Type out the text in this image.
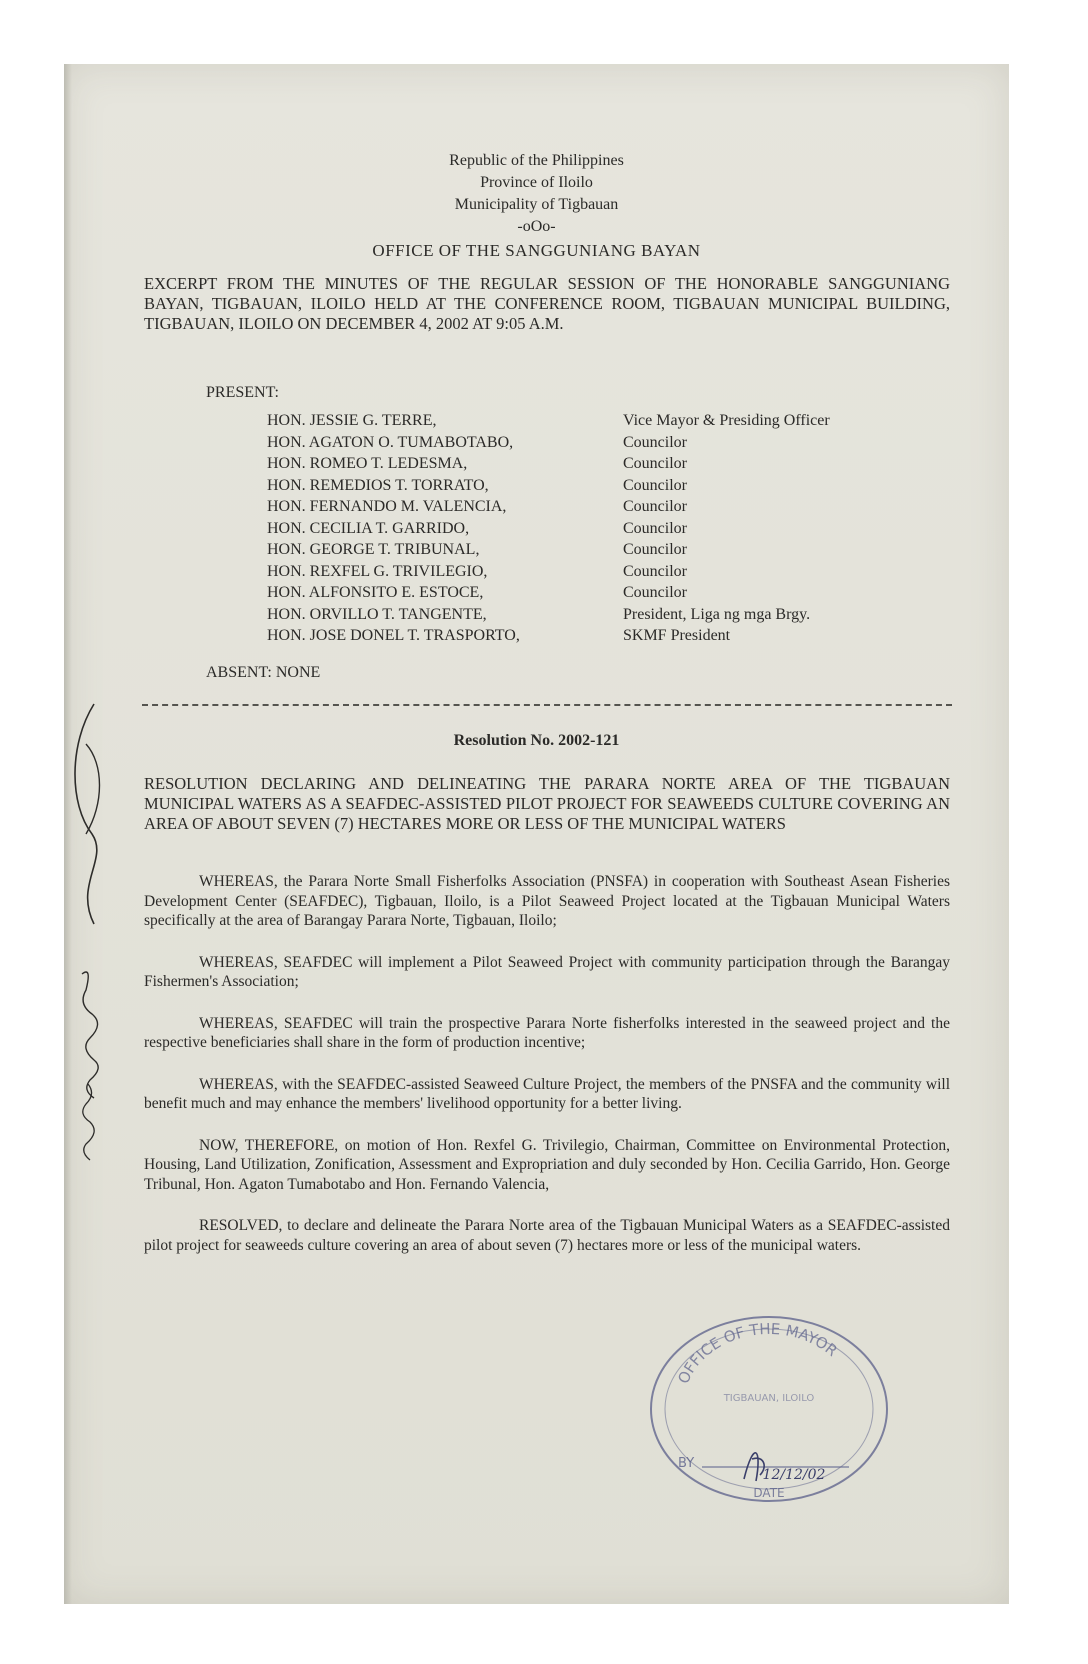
Republic of the Philippines
Province of Iloilo
Municipality of Tigbauan
-oOo-
OFFICE OF THE SANGGUNIANG BAYAN
EXCERPT FROM THE MINUTES OF THE REGULAR SESSION OF THE HONORABLE SANGGUNIANG BAYAN, TIGBAUAN, ILOILO HELD AT THE CONFERENCE ROOM, TIGBAUAN MUNICIPAL BUILDING, TIGBAUAN, ILOILO ON DECEMBER 4, 2002 AT 9:05 A.M.
PRESENT:
HON. JESSIE G. TERRE,	Vice Mayor & Presiding Officer
HON. AGATON O. TUMABOTABO,	Councilor
HON. ROMEO T. LEDESMA,	Councilor
HON. REMEDIOS T. TORRATO,	Councilor
HON. FERNANDO M. VALENCIA,	Councilor
HON. CECILIA T. GARRIDO,	Councilor
HON. GEORGE T. TRIBUNAL,	Councilor
HON. REXFEL G. TRIVILEGIO,	Councilor
HON. ALFONSITO E. ESTOCE,	Councilor
HON. ORVILLO T. TANGENTE,	President, Liga ng mga Brgy.
HON. JOSE DONEL T. TRASPORTO,	SKMF President
ABSENT: NONE
Resolution No. 2002-121
RESOLUTION DECLARING AND DELINEATING THE PARARA NORTE AREA OF THE TIGBAUAN MUNICIPAL WATERS AS A SEAFDEC-ASSISTED PILOT PROJECT FOR SEAWEEDS CULTURE COVERING AN AREA OF ABOUT SEVEN (7) HECTARES MORE OR LESS OF THE MUNICIPAL WATERS

WHEREAS, the Parara Norte Small Fisherfolks Association (PNSFA) in cooperation with Southeast Asean Fisheries Development Center (SEAFDEC), Tigbauan, Iloilo, is a Pilot Seaweed Project located at the Tigbauan Municipal Waters specifically at the area of Barangay Parara Norte, Tigbauan, Iloilo;

WHEREAS, SEAFDEC will implement a Pilot Seaweed Project with community participation through the Barangay Fishermen's Association;

WHEREAS, SEAFDEC will train the prospective Parara Norte fisherfolks interested in the seaweed project and the respective beneficiaries shall share in the form of production incentive;

WHEREAS, with the SEAFDEC-assisted Seaweed Culture Project, the members of the PNSFA and the community will benefit much and may enhance the members' livelihood opportunity for a better living.

NOW, THEREFORE, on motion of Hon. Rexfel G. Trivilegio, Chairman, Committee on Environmental Protection, Housing, Land Utilization, Zonification, Assessment and Expropriation and duly seconded by Hon. Cecilia Garrido, Hon. George Tribunal, Hon. Agaton Tumabotabo and Hon. Fernando Valencia,

RESOLVED, to declare and delineate the Parara Norte area of the Tigbauan Municipal Waters as a SEAFDEC-assisted pilot project for seaweeds culture covering an area of about seven (7) hectares more or less of the municipal waters.

OFFICE OF THE MAYOR
TIGBAUAN, ILOILO
BY
DATE
12/12/02
